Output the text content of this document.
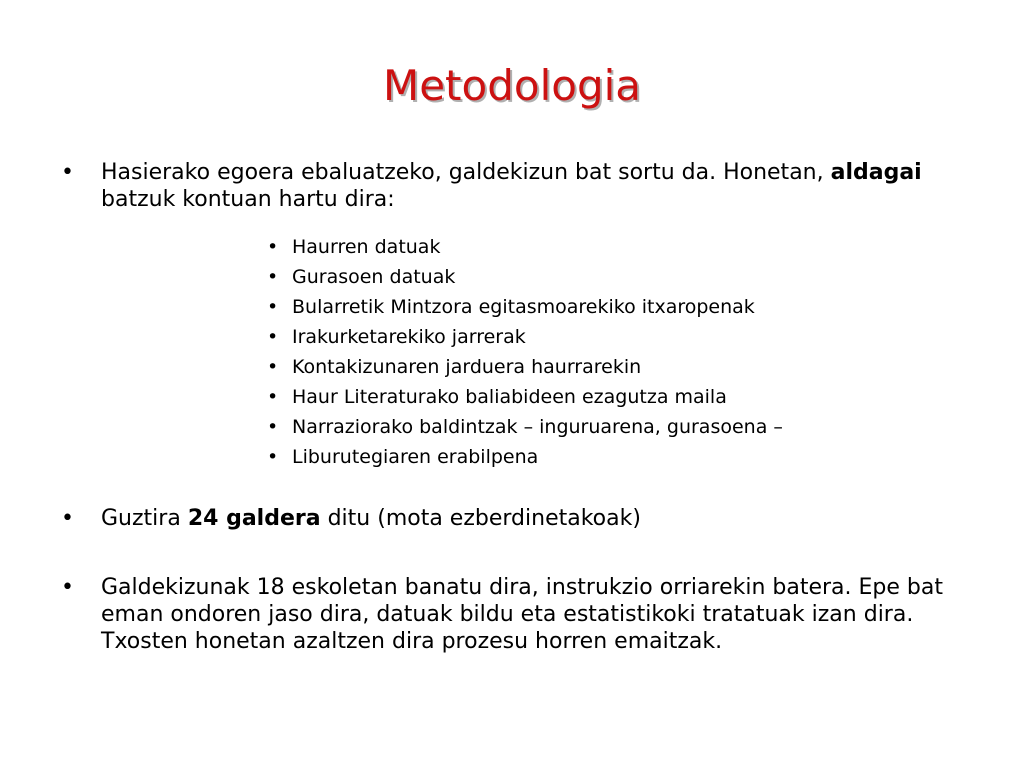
Metodologia
•	Hasierako egoera ebaluatzeko, galdekizun bat sortu da. Honetan, aldagai batzuk kontuan hartu dira:
• Haurren datuak
• Gurasoen datuak
• Bularretik Mintzora egitasmoarekiko itxaropenak
• Irakurketarekiko jarrerak
• Kontakizunaren jarduera haurrarekin
• Haur Literaturako baliabideen ezagutza maila
• Narraziorako baldintzak – inguruarena, gurasoena –
• Liburutegiaren erabilpena
•	Guztira 24 galdera ditu (mota ezberdinetakoak)
•	Galdekizunak 18 eskoletan banatu dira, instrukzio orriarekin batera. Epe bat eman ondoren jaso dira, datuak bildu eta estatistikoki tratatuak izan dira. Txosten honetan azaltzen dira prozesu horren emaitzak.
